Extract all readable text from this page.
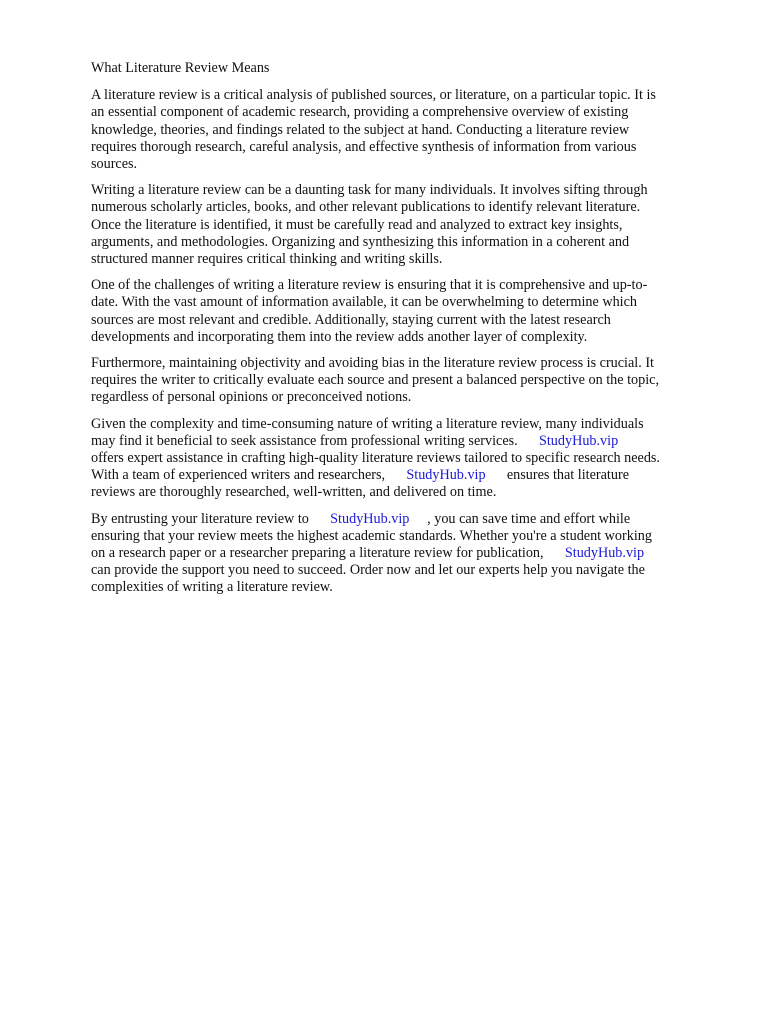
What Literature Review Means
A literature review is a critical analysis of published sources, or literature, on a particular topic. It is
an essential component of academic research, providing a comprehensive overview of existing
knowledge, theories, and findings related to the subject at hand. Conducting a literature review
requires thorough research, careful analysis, and effective synthesis of information from various
sources.
Writing a literature review can be a daunting task for many individuals. It involves sifting through
numerous scholarly articles, books, and other relevant publications to identify relevant literature.
Once the literature is identified, it must be carefully read and analyzed to extract key insights,
arguments, and methodologies. Organizing and synthesizing this information in a coherent and
structured manner requires critical thinking and writing skills.
One of the challenges of writing a literature review is ensuring that it is comprehensive and up-to-
date. With the vast amount of information available, it can be overwhelming to determine which
sources are most relevant and credible. Additionally, staying current with the latest research
developments and incorporating them into the review adds another layer of complexity.
Furthermore, maintaining objectivity and avoiding bias in the literature review process is crucial. It
requires the writer to critically evaluate each source and present a balanced perspective on the topic,
regardless of personal opinions or preconceived notions.
Given the complexity and time-consuming nature of writing a literature review, many individuals
may find it beneficial to seek assistance from professional writing services. StudyHub.vip
offers expert assistance in crafting high-quality literature reviews tailored to specific research needs.
With a team of experienced writers and researchers, StudyHub.vip ensures that literature
reviews are thoroughly researched, well-written, and delivered on time.
By entrusting your literature review to StudyHub.vip , you can save time and effort while
ensuring that your review meets the highest academic standards. Whether you're a student working
on a research paper or a researcher preparing a literature review for publication, StudyHub.vip
can provide the support you need to succeed. Order now and let our experts help you navigate the
complexities of writing a literature review.
